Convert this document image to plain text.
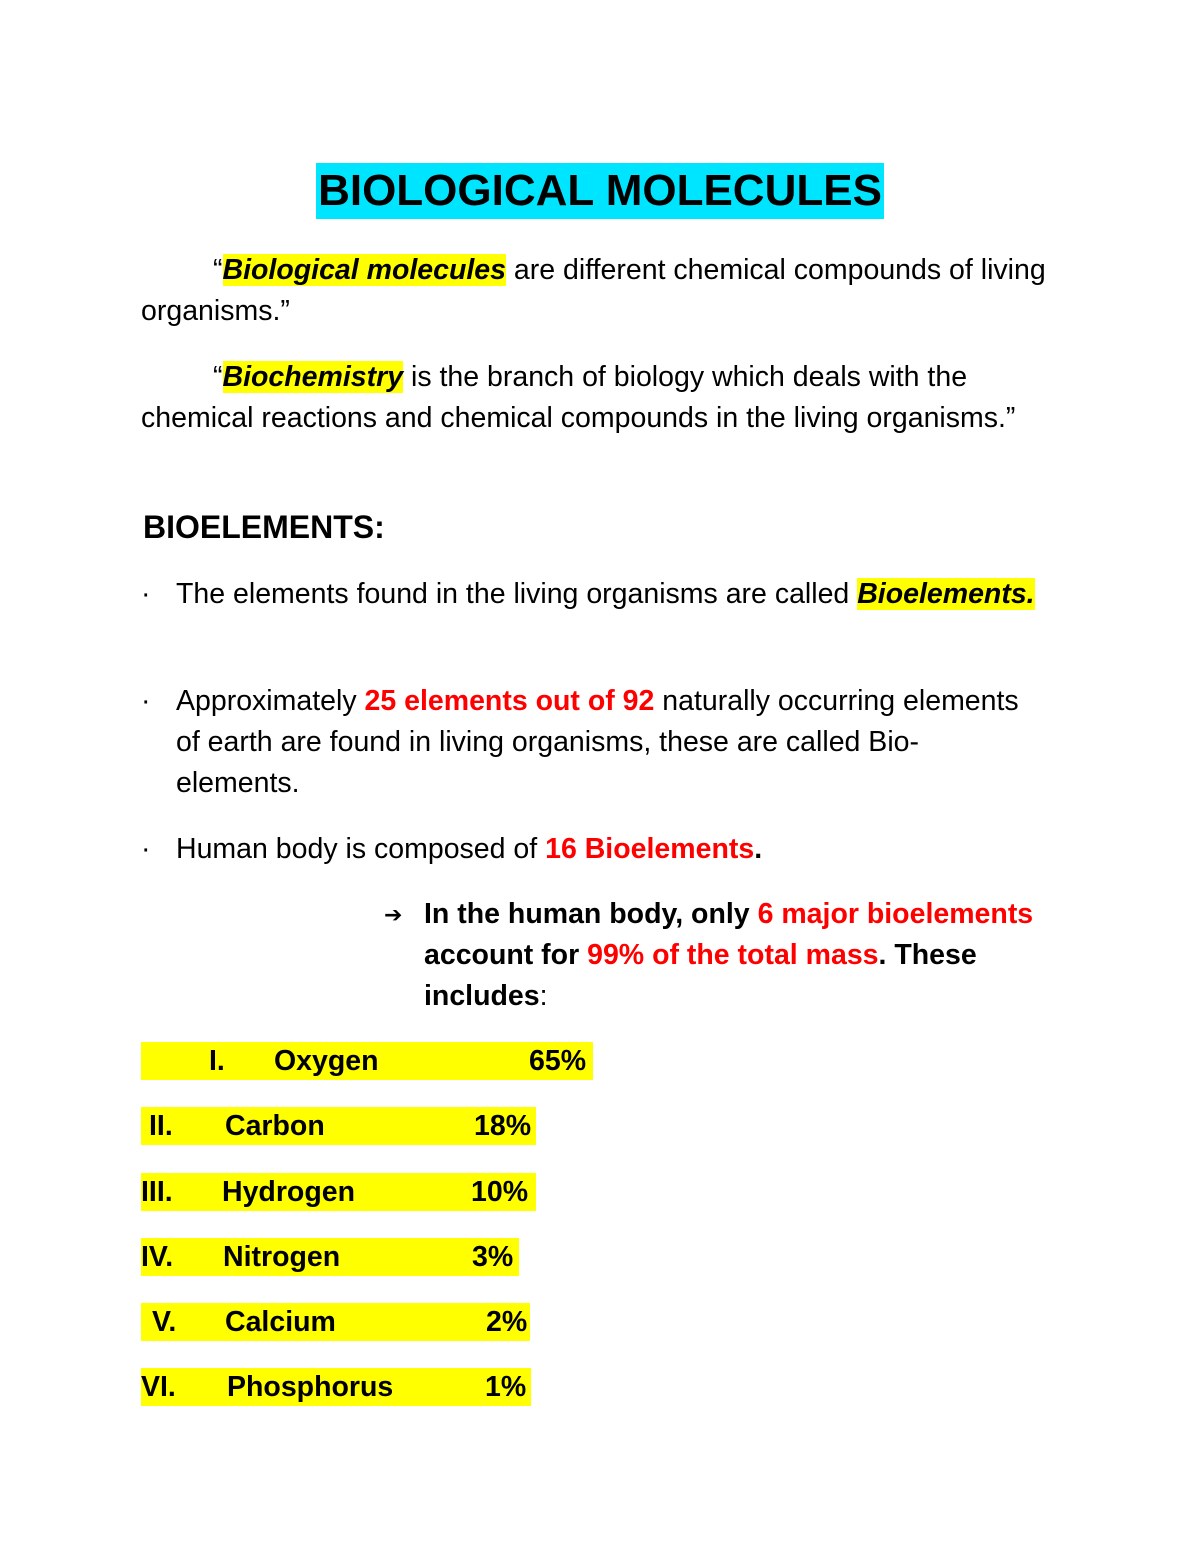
BIOLOGICAL MOLECULES

“Biological molecules are different chemical compounds of living organisms.”

“Biochemistry is the branch of biology which deals with the chemical reactions and chemical compounds in the living organisms.”

BIOELEMENTS:
· The elements found in the living organisms are called Bioelements.
· Approximately 25 elements out of 92 naturally occurring elements of earth are found in living organisms, these are called Bio-elements.
· Human body is composed of 16 Bioelements.
➔ In the human body, only 6 major bioelements account for 99% of the total mass. These includes:
I. Oxygen	65%
II. Carbon	18%
III. Hydrogen	10%
IV. Nitrogen	3%
V. Calcium	2%
VI. Phosphorus	1%
